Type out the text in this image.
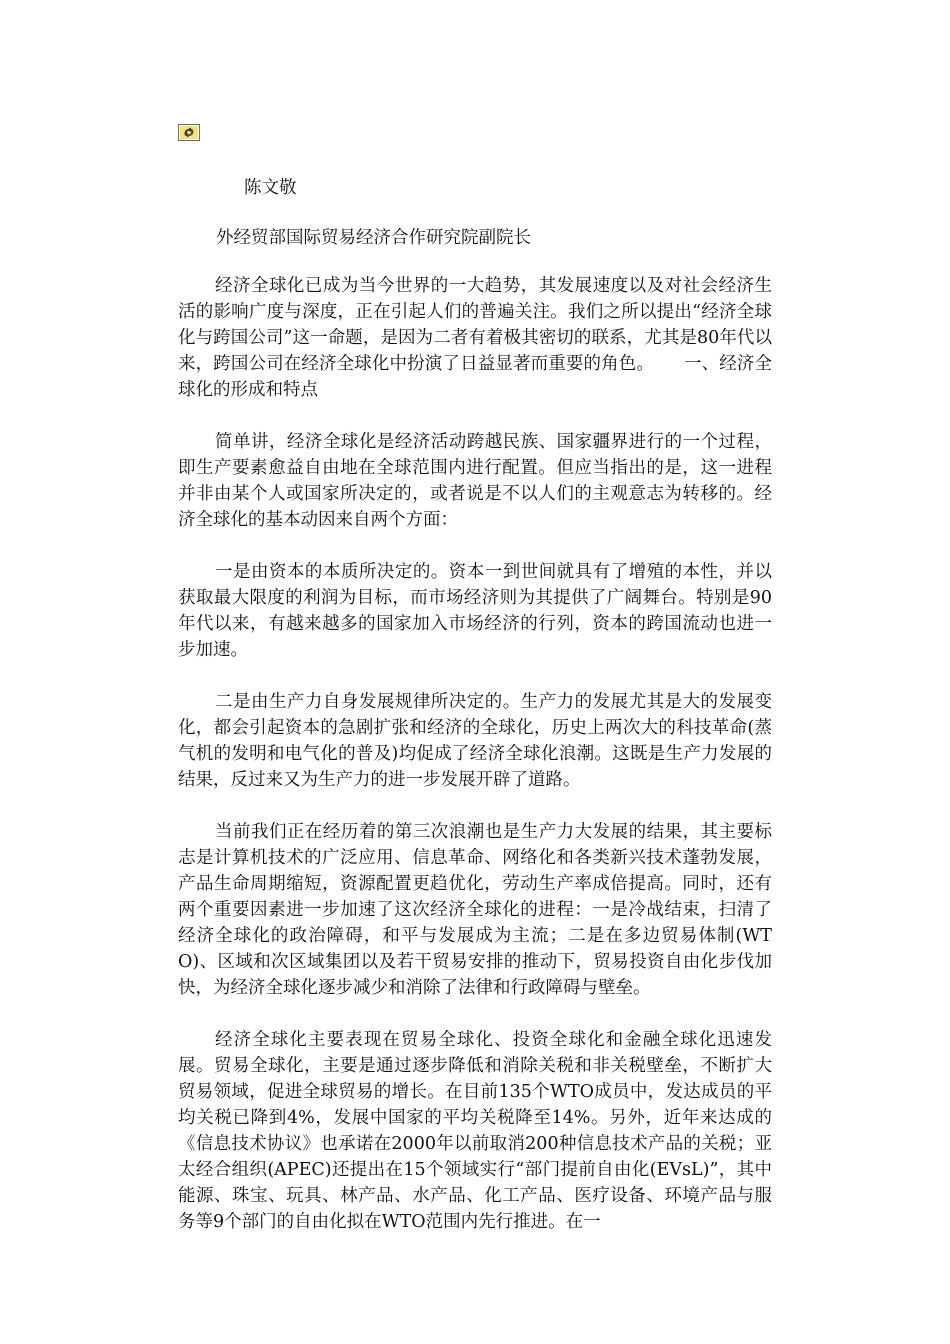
陈文敬
外经贸部国际贸易经济合作研究院副院长

经济全球化已成为当今世界的一大趋势，其发展速度以及对社会经济生活的影响广度与深度，正在引起人们的普遍关注。我们之所以提出“经济全球化与跨国公司”这一命题，是因为二者有着极其密切的联系，尤其是80年代以来，跨国公司在经济全球化中扮演了日益显著而重要的角色。 一、经济全球化的形成和特点

简单讲，经济全球化是经济活动跨越民族、国家疆界进行的一个过程，即生产要素愈益自由地在全球范围内进行配置。但应当指出的是，这一进程并非由某个人或国家所决定的，或者说是不以人们的主观意志为转移的。经济全球化的基本动因来自两个方面：

一是由资本的本质所决定的。资本一到世间就具有了增殖的本性，并以获取最大限度的利润为目标，而市场经济则为其提供了广阔舞台。特别是90年代以来，有越来越多的国家加入市场经济的行列，资本的跨国流动也进一步加速。

二是由生产力自身发展规律所决定的。生产力的发展尤其是大的发展变化，都会引起资本的急剧扩张和经济的全球化，历史上两次大的科技革命(蒸气机的发明和电气化的普及)均促成了经济全球化浪潮。这既是生产力发展的结果，反过来又为生产力的进一步发展开辟了道路。

当前我们正在经历着的第三次浪潮也是生产力大发展的结果，其主要标志是计算机技术的广泛应用、信息革命、网络化和各类新兴技术蓬勃发展，产品生命周期缩短，资源配置更趋优化，劳动生产率成倍提高。同时，还有两个重要因素进一步加速了这次经济全球化的进程：一是冷战结束，扫清了经济全球化的政治障碍，和平与发展成为主流；二是在多边贸易体制(WTO)、区域和次区域集团以及若干贸易安排的推动下，贸易投资自由化步伐加快，为经济全球化逐步减少和消除了法律和行政障碍与壁垒。

经济全球化主要表现在贸易全球化、投资全球化和金融全球化迅速发展。贸易全球化，主要是通过逐步降低和消除关税和非关税壁垒，不断扩大贸易领域，促进全球贸易的增长。在目前135个WTO成员中，发达成员的平均关税已降到4%，发展中国家的平均关税降至14%。另外，近年来达成的《信息技术协议》也承诺在2000年以前取消200种信息技术产品的关税；亚太经合组织(APEC)还提出在15个领域实行“部门提前自由化(EVsL)”，其中能源、珠宝、玩具、林产品、水产品、化工产品、医疗设备、环境产品与服务等9个部门的自由化拟在WTO范围内先行推进。在一
